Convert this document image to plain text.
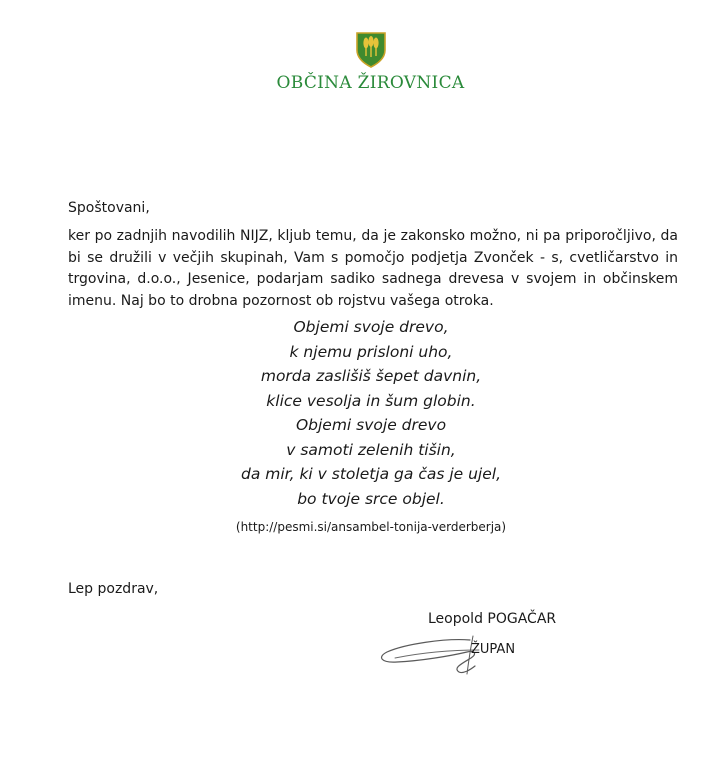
OBČINA ŽIROVNICA
Spoštovani,
ker po zadnjih navodilih NIJZ, kljub temu, da je zakonsko možno, ni pa priporočljivo, da bi se družili v večjih skupinah, Vam s pomočjo podjetja Zvonček - s, cvetličarstvo in trgovina, d.o.o., Jesenice, podarjam sadiko sadnega drevesa v svojem in občinskem imenu. Naj bo to drobna pozornost ob rojstvu vašega otroka.
Objemi svoje drevo,
k njemu prisloni uho,
morda zaslišiš šepet davnin,
klice vesolja in šum globin.
Objemi svoje drevo
v samoti zelenih tišin,
da mir, ki v stoletja ga čas je ujel,
bo tvoje srce objel.
(http://pesmi.si/ansambel-tonija-verderberja)
Lep pozdrav,
Leopold POGAČAR
ŽUPAN
